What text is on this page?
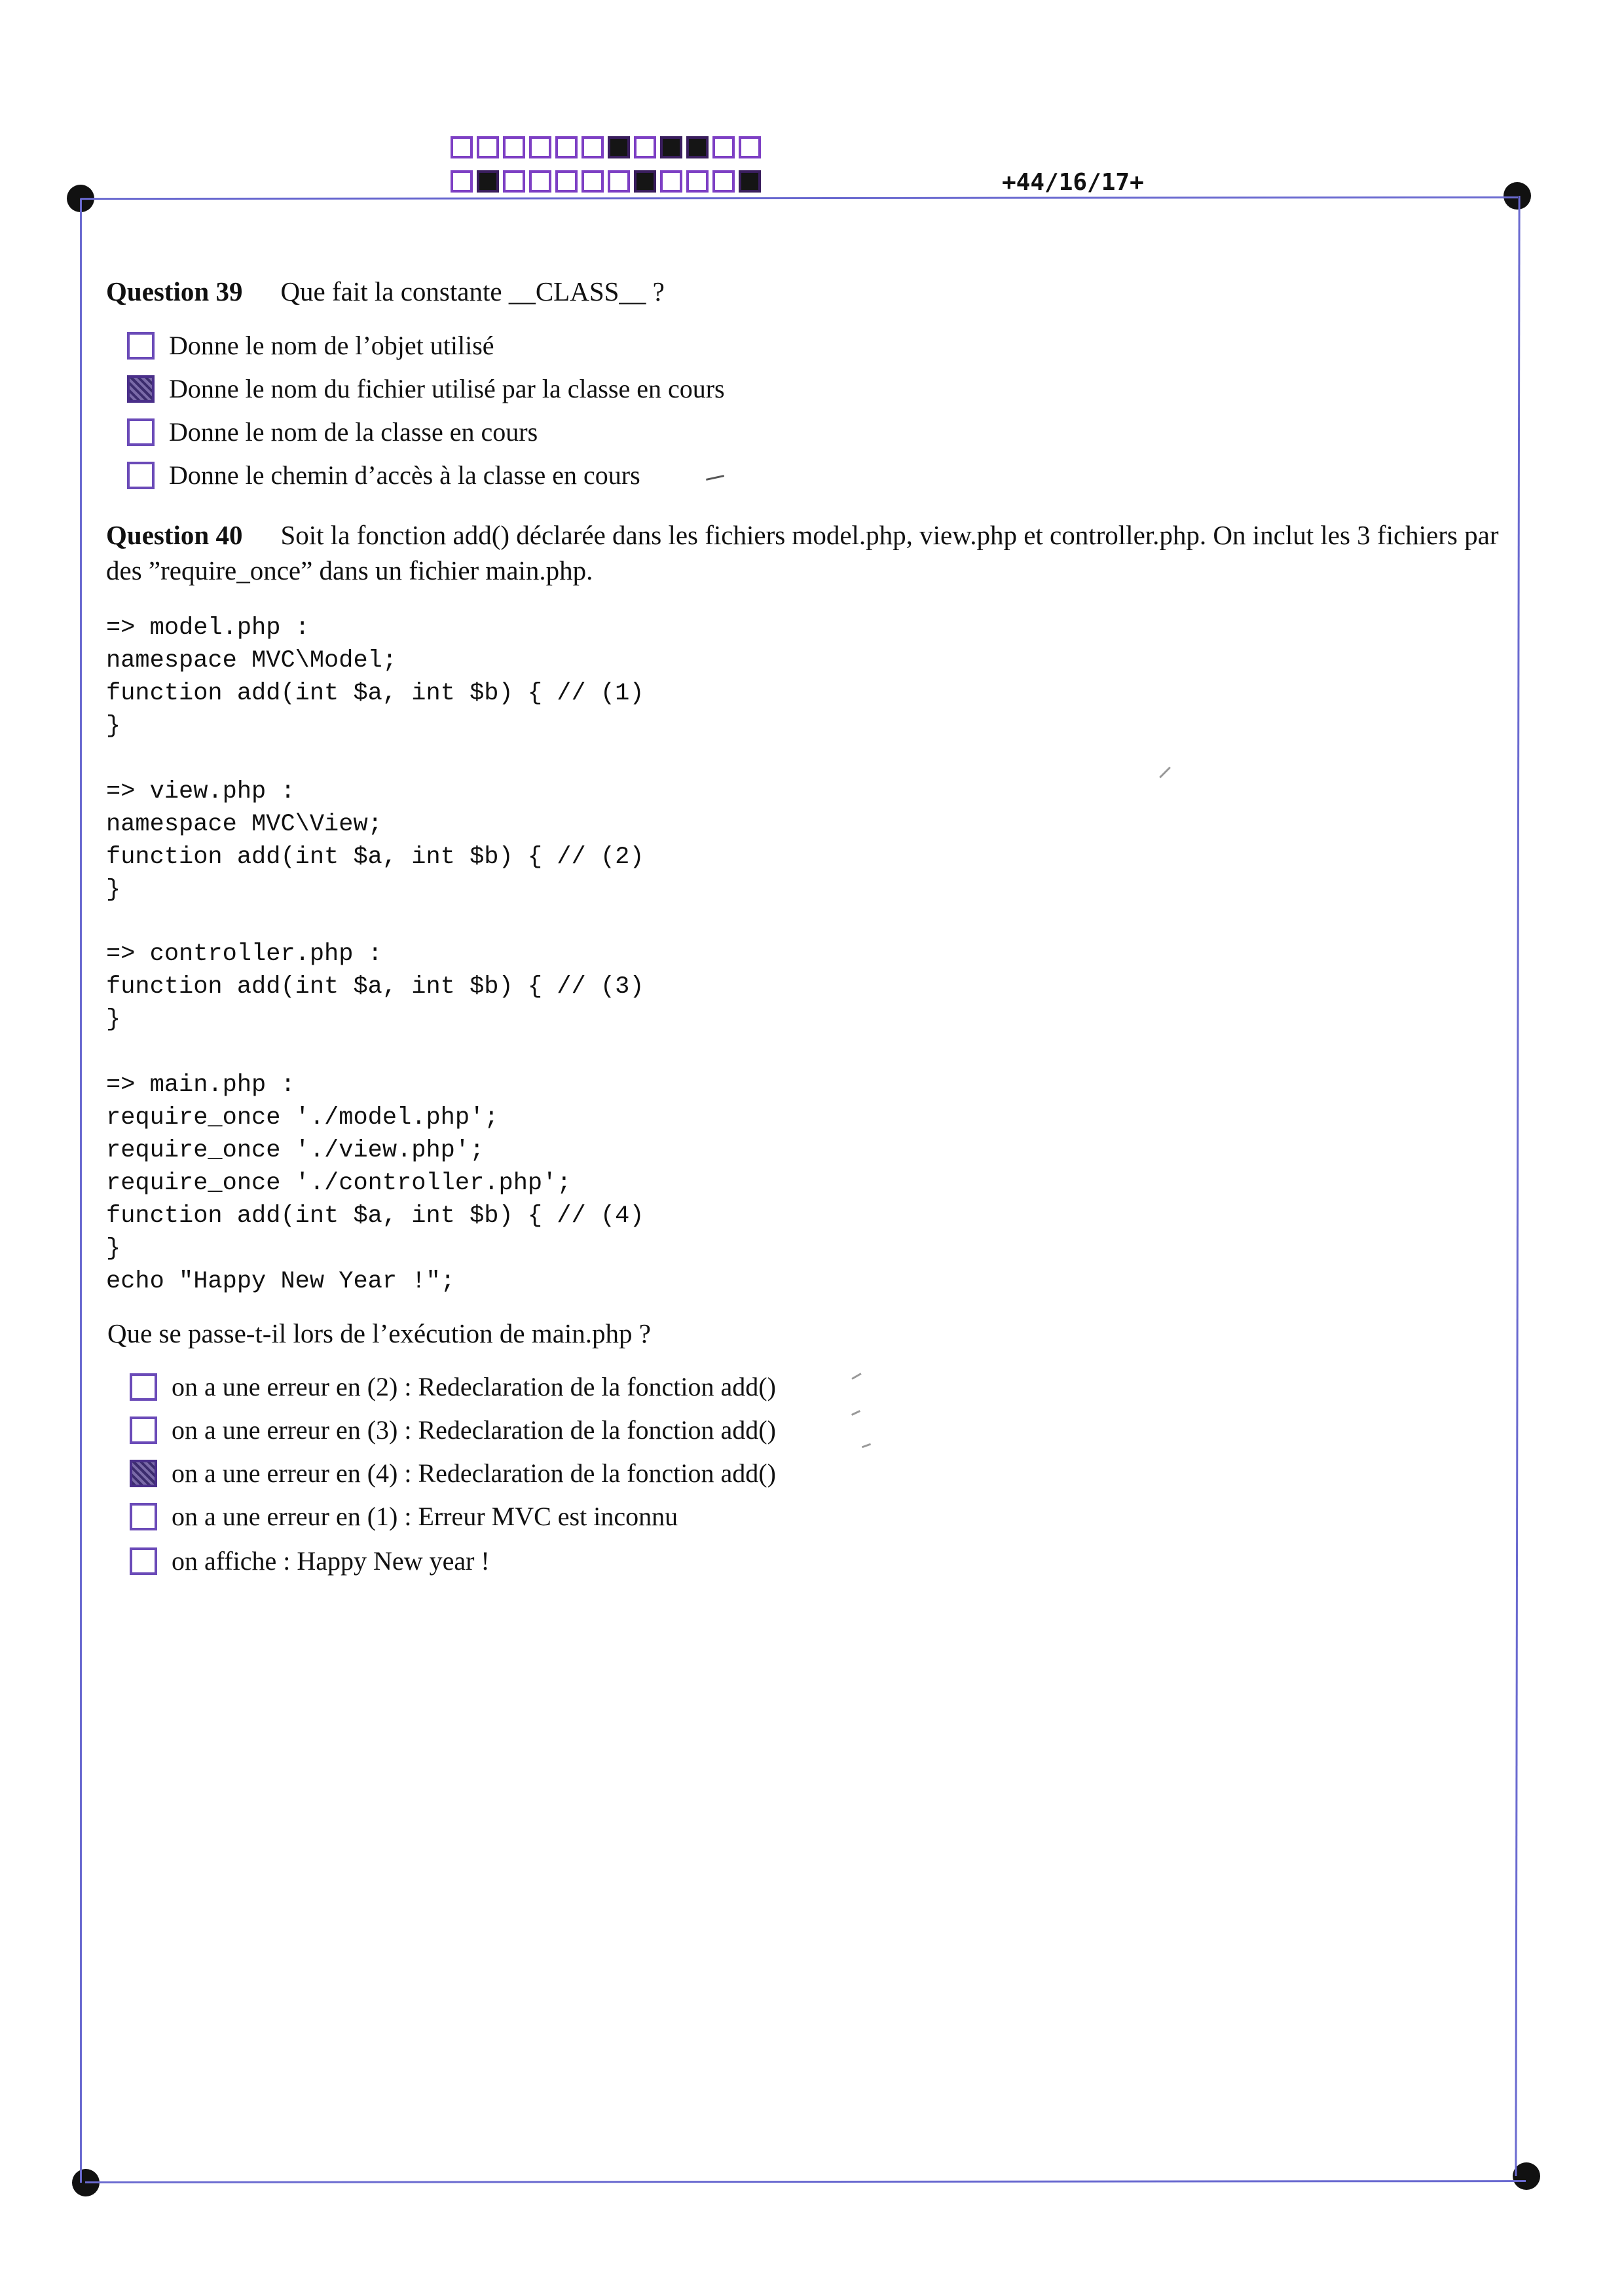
+44/16/17+
Question 39 Que fait la constante __CLASS__ ?
Donne le nom de l’objet utilisé
Donne le nom du fichier utilisé par la classe en cours
Donne le nom de la classe en cours
Donne le chemin d’accès à la classe en cours
Question 40 Soit la fonction add() déclarée dans les fichiers model.php, view.php et controller.php. On inclut les 3 fichiers par des ”require_once” dans un fichier main.php.
=> model.php :
namespace MVC\Model;
function add(int $a, int $b) { // (1)
}
=> view.php :
namespace MVC\View;
function add(int $a, int $b) { // (2)
}
=> controller.php :
function add(int $a, int $b) { // (3)
}
=> main.php :
require_once './model.php';
require_once './view.php';
require_once './controller.php';
function add(int $a, int $b) { // (4)
}
echo "Happy New Year !";
Que se passe-t-il lors de l’exécution de main.php ?
on a une erreur en (2) : Redeclaration de la fonction add()
on a une erreur en (3) : Redeclaration de la fonction add()
on a une erreur en (4) : Redeclaration de la fonction add()
on a une erreur en (1) : Erreur MVC est inconnu
on affiche : Happy New year !
